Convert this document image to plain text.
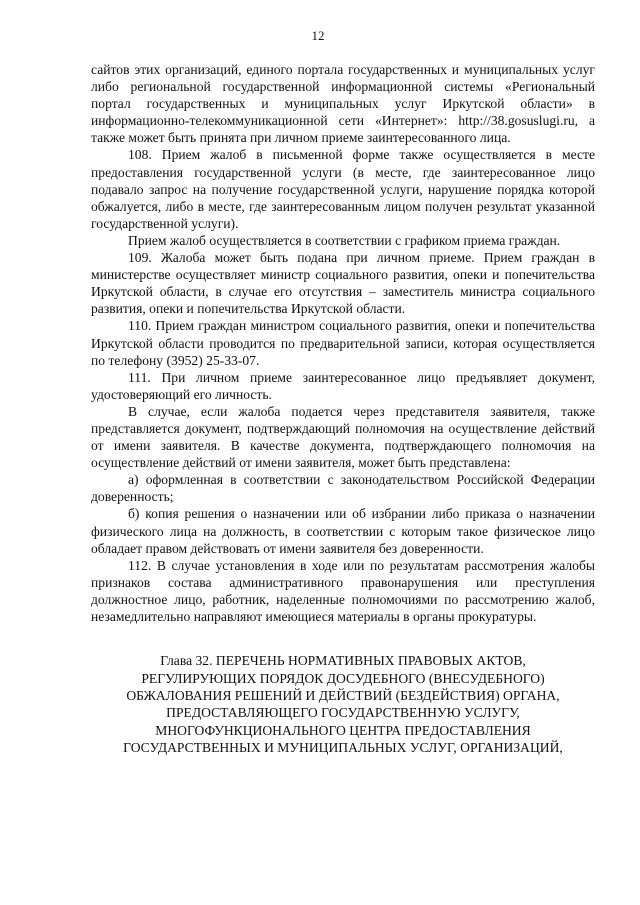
12

сайтов этих организаций, единого портала государственных и муниципальных услуг либо региональной государственной информационной системы «Региональный портал государственных и муниципальных услуг Иркутской области» в информационно-телекоммуникационной сети «Интернет»: http://38.gosuslugi.ru, а также может быть принята при личном приеме заинтересованного лица.

108. Прием жалоб в письменной форме также осуществляется в месте предоставления государственной услуги (в месте, где заинтересованное лицо подавало запрос на получение государственной услуги, нарушение порядка которой обжалуется, либо в месте, где заинтересованным лицом получен результат указанной государственной услуги).

Прием жалоб осуществляется в соответствии с графиком приема граждан.

109. Жалоба может быть подана при личном приеме. Прием граждан в министерстве осуществляет министр социального развития, опеки и попечительства Иркутской области, в случае его отсутствия – заместитель министра социального развития, опеки и попечительства Иркутской области.

110. Прием граждан министром социального развития, опеки и попечительства Иркутской области проводится по предварительной записи, которая осуществляется по телефону (3952) 25-33-07.

111. При личном приеме заинтересованное лицо предъявляет документ, удостоверяющий его личность.

В случае, если жалоба подается через представителя заявителя, также представляется документ, подтверждающий полномочия на осуществление действий от имени заявителя. В качестве документа, подтверждающего полномочия на осуществление действий от имени заявителя, может быть представлена:

а) оформленная в соответствии с законодательством Российской Федерации доверенность;

б) копия решения о назначении или об избрании либо приказа о назначении физического лица на должность, в соответствии с которым такое физическое лицо обладает правом действовать от имени заявителя без доверенности.

112. В случае установления в ходе или по результатам рассмотрения жалобы признаков состава административного правонарушения или преступления должностное лицо, работник, наделенные полномочиями по рассмотрению жалоб, незамедлительно направляют имеющиеся материалы в органы прокуратуры.

Глава 32. ПЕРЕЧЕНЬ НОРМАТИВНЫХ ПРАВОВЫХ АКТОВ,
РЕГУЛИРУЮЩИХ ПОРЯДОК ДОСУДЕБНОГО (ВНЕСУДЕБНОГО)
ОБЖАЛОВАНИЯ РЕШЕНИЙ И ДЕЙСТВИЙ (БЕЗДЕЙСТВИЯ) ОРГАНА,
ПРЕДОСТАВЛЯЮЩЕГО ГОСУДАРСТВЕННУЮ УСЛУГУ,
МНОГОФУНКЦИОНАЛЬНОГО ЦЕНТРА ПРЕДОСТАВЛЕНИЯ
ГОСУДАРСТВЕННЫХ И МУНИЦИПАЛЬНЫХ УСЛУГ, ОРГАНИЗАЦИЙ,
